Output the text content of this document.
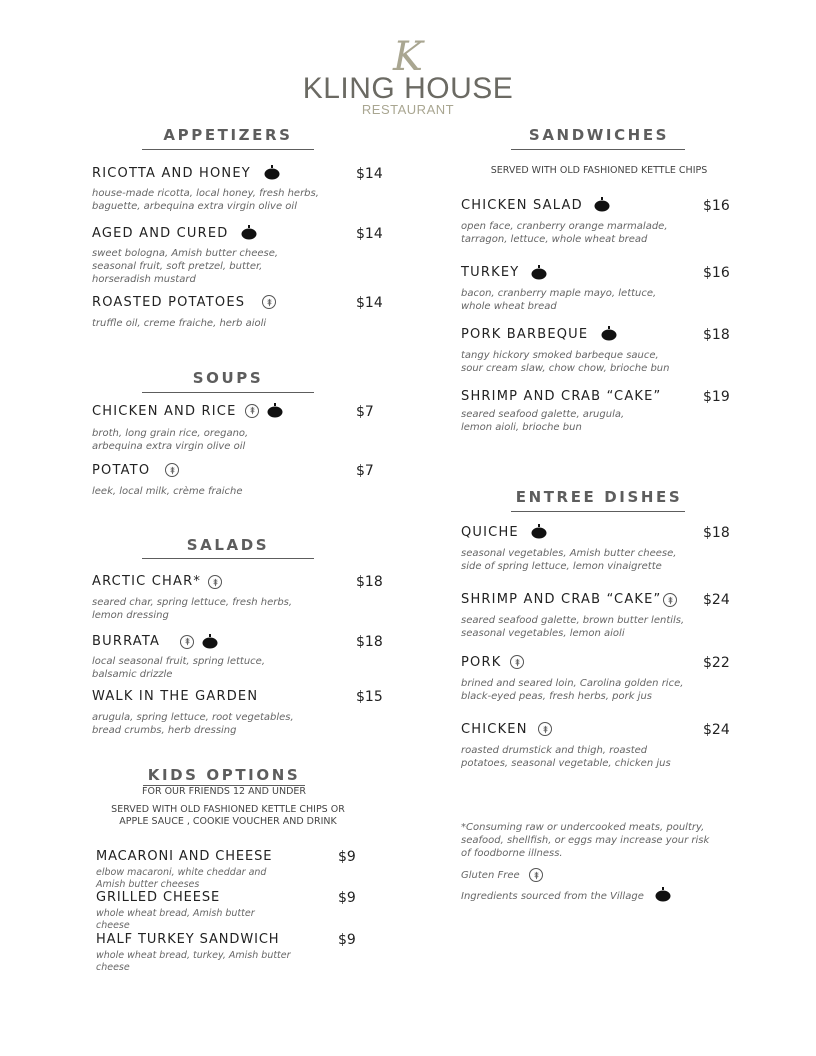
K
KLING HOUSE
RESTAURANT
APPETIZERS
RICOTTA AND HONEY	$14
house-made ricotta, local honey, fresh herbs,
baguette, arbequina extra virgin olive oil
AGED AND CURED	$14
sweet bologna, Amish butter cheese,
seasonal fruit, soft pretzel, butter,
horseradish mustard
ROASTED POTATOES	$14
truffle oil, creme fraiche, herb aioli
SOUPS
CHICKEN AND RICE	$7
broth, long grain rice, oregano,
arbequina extra virgin olive oil
POTATO	$7
leek, local milk, crème fraiche
SALADS
ARCTIC CHAR*	$18
seared char, spring lettuce, fresh herbs,
lemon dressing
BURRATA	$18
local seasonal fruit, spring lettuce,
balsamic drizzle
WALK IN THE GARDEN	$15
arugula, spring lettuce, root vegetables,
bread crumbs, herb dressing
KIDS OPTIONS
FOR OUR FRIENDS 12 AND UNDER
SERVED WITH OLD FASHIONED KETTLE CHIPS OR
APPLE SAUCE , COOKIE VOUCHER AND DRINK
MACARONI AND CHEESE	$9
elbow macaroni, white cheddar and
Amish butter cheeses
GRILLED CHEESE	$9
whole wheat bread, Amish butter
cheese
HALF TURKEY SANDWICH	$9
whole wheat bread, turkey, Amish butter
cheese
SANDWICHES
SERVED WITH OLD FASHIONED KETTLE CHIPS
CHICKEN SALAD	$16
open face, cranberry orange marmalade,
tarragon, lettuce, whole wheat bread
TURKEY	$16
bacon, cranberry maple mayo, lettuce,
whole wheat bread
PORK BARBEQUE	$18
tangy hickory smoked barbeque sauce,
sour cream slaw, chow chow, brioche bun
SHRIMP AND CRAB “CAKE”	$19
seared seafood galette, arugula,
lemon aioli, brioche bun
ENTREE DISHES
QUICHE	$18
seasonal vegetables, Amish butter cheese,
side of spring lettuce, lemon vinaigrette
SHRIMP AND CRAB “CAKE”	$24
seared seafood galette, brown butter lentils,
seasonal vegetables, lemon aioli
PORK	$22
brined and seared loin, Carolina golden rice,
black-eyed peas, fresh herbs, pork jus
CHICKEN	$24
roasted drumstick and thigh, roasted
potatoes, seasonal vegetable, chicken jus
*Consuming raw or undercooked meats, poultry,
seafood, shellfish, or eggs may increase your risk
of foodborne illness.
Gluten Free
Ingredients sourced from the Village
